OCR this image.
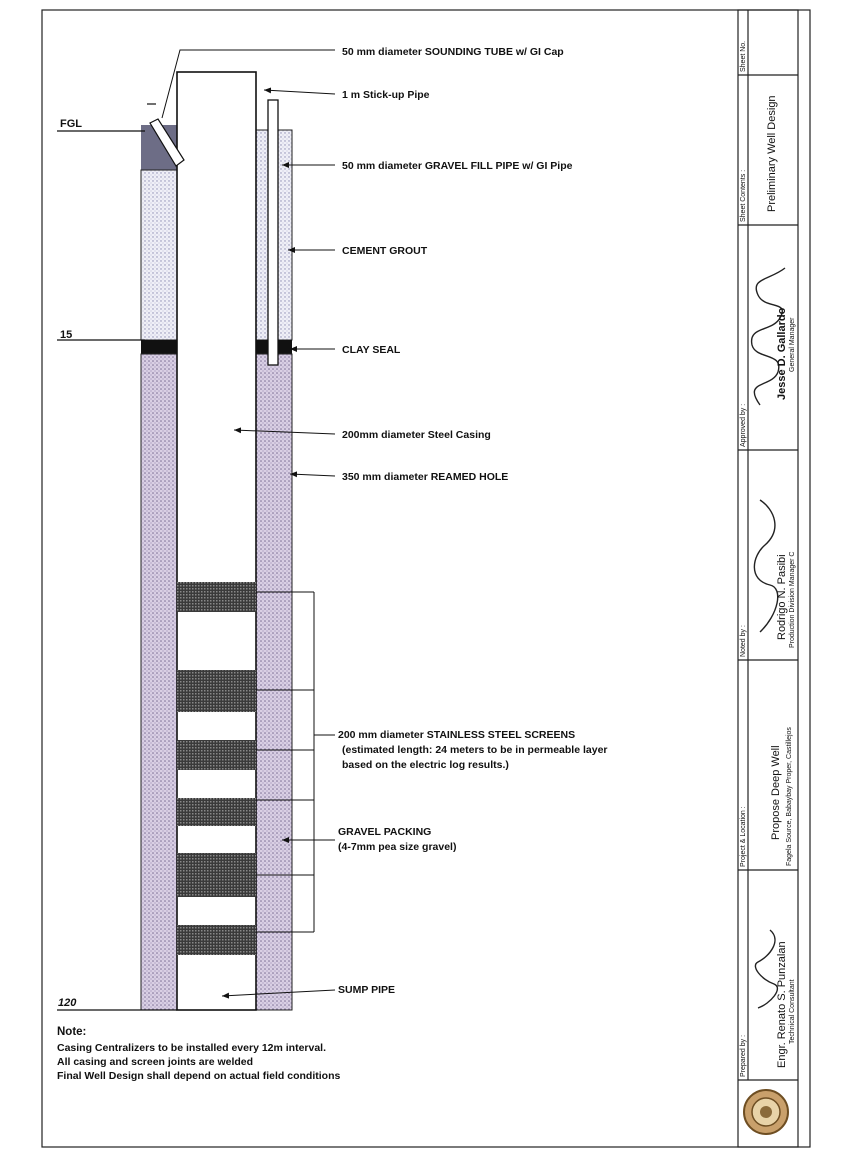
FGL
15
120
50 mm diameter SOUNDING TUBE w/ GI Cap
1 m Stick-up Pipe
50 mm diameter GRAVEL FILL PIPE w/ GI Pipe
CEMENT GROUT
CLAY SEAL
200mm diameter Steel Casing
350 mm diameter REAMED HOLE
200 mm diameter STAINLESS STEEL SCREENS
(estimated length: 24 meters to be in permeable layer
based on the electric log results.)
GRAVEL PACKING
(4-7mm pea size gravel)
SUMP PIPE
Note:
Casing Centralizers to be installed every 12m interval.
All casing and screen joints are welded
Final Well Design shall depend on actual field conditions
Sheet No.
Sheet Contents : Preliminary Well Design
Approved by :
Jesse D. Gallardo General Manager
Noted by :
Rodrigo N. Pasibi Production Division Manager C
Project & Location : Propose Deep Well Fagela Source, Babaybay Proper, Castillejos
Prepared by :	Engr. Renato S. Punzalan Technical Consultant
